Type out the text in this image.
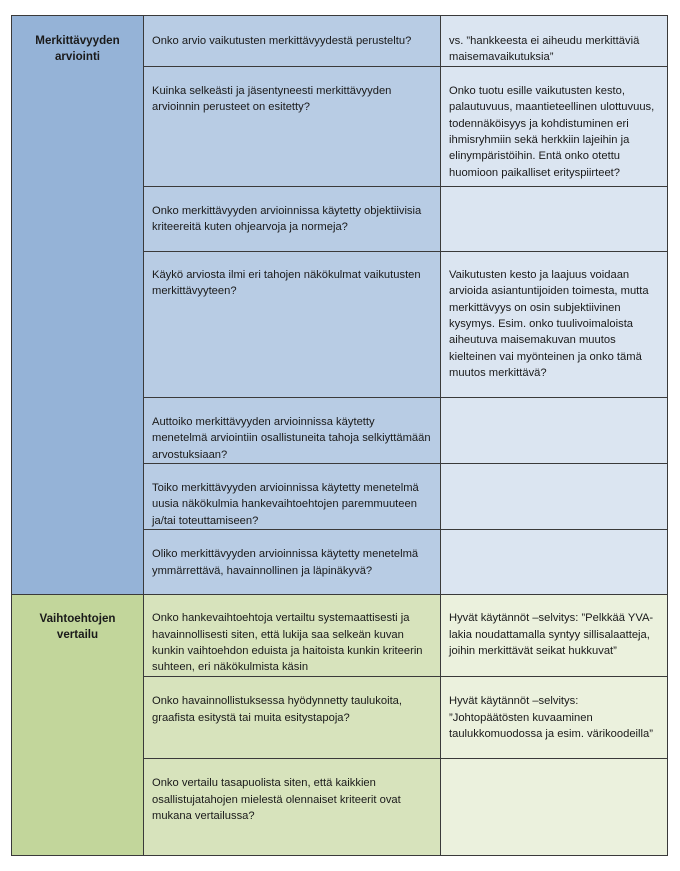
Merkittävyyden arviointi	Onko arvio vaikutusten merkittävyydestä perusteltu?	vs. ”hankkeesta ei aiheudu merkittäviä maisemavaikutuksia”

	Kuinka selkeästi ja jäsentyneesti merkittävyyden arvioinnin perusteet on esitetty?	Onko tuotu esille vaikutusten kesto, palautuvuus, maantieteellinen ulottuvuus, todennäköisyys ja kohdistuminen eri ihmisryhmiin sekä herkkiin lajeihin ja elinympäristöihin. Entä onko otettu huomioon paikalliset erityspiirteet?

	Onko merkittävyyden arvioinnissa käytetty objektiivisia kriteereitä kuten ohjearvoja ja normeja?	

	Käykö arviosta ilmi eri tahojen näkökulmat vaikutusten merkittävyyteen?	Vaikutusten kesto ja laajuus voidaan arvioida asiantuntijoiden toimesta, mutta merkittävyys on osin subjektiivinen kysymys. Esim. onko tuulivoimaloista aiheutuva maisemakuvan muutos kielteinen vai myönteinen ja onko tämä muutos merkittävä?

	Auttoiko merkittävyyden arvioinnissa käytetty menetelmä arviointiin osallistuneita tahoja selkiyttämään arvostuksiaan?	

	Toiko merkittävyyden arvioinnissa käytetty menetelmä uusia näkökulmia hankevaihtoehtojen paremmuuteen ja/tai toteuttamiseen?	

	Oliko merkittävyyden arvioinnissa käytetty menetelmä ymmärrettävä, havainnollinen ja läpinäkyvä?	

Vaihtoehtojen vertailu	Onko hankevaihtoehtoja vertailtu systemaattisesti ja havainnollisesti siten, että lukija saa selkeän kuvan kunkin vaihtoehdon eduista ja haitoista kunkin kriteerin suhteen, eri näkökulmista käsin	Hyvät käytännöt –selvitys: ”Pelkkää YVA-lakia noudattamalla syntyy sillisalaatteja, joihin merkittävät seikat hukkuvat”

	Onko havainnollistuksessa hyödynnetty taulukoita, graafista esitystä tai muita esitystapoja?	Hyvät käytännöt –selvitys: ”Johtopäätösten kuvaaminen taulukkomuodossa ja esim. värikoodeilla”

	Onko vertailu tasapuolista siten, että kaikkien osallistujatahojen mielestä olennaiset kriteerit ovat mukana vertailussa?	
